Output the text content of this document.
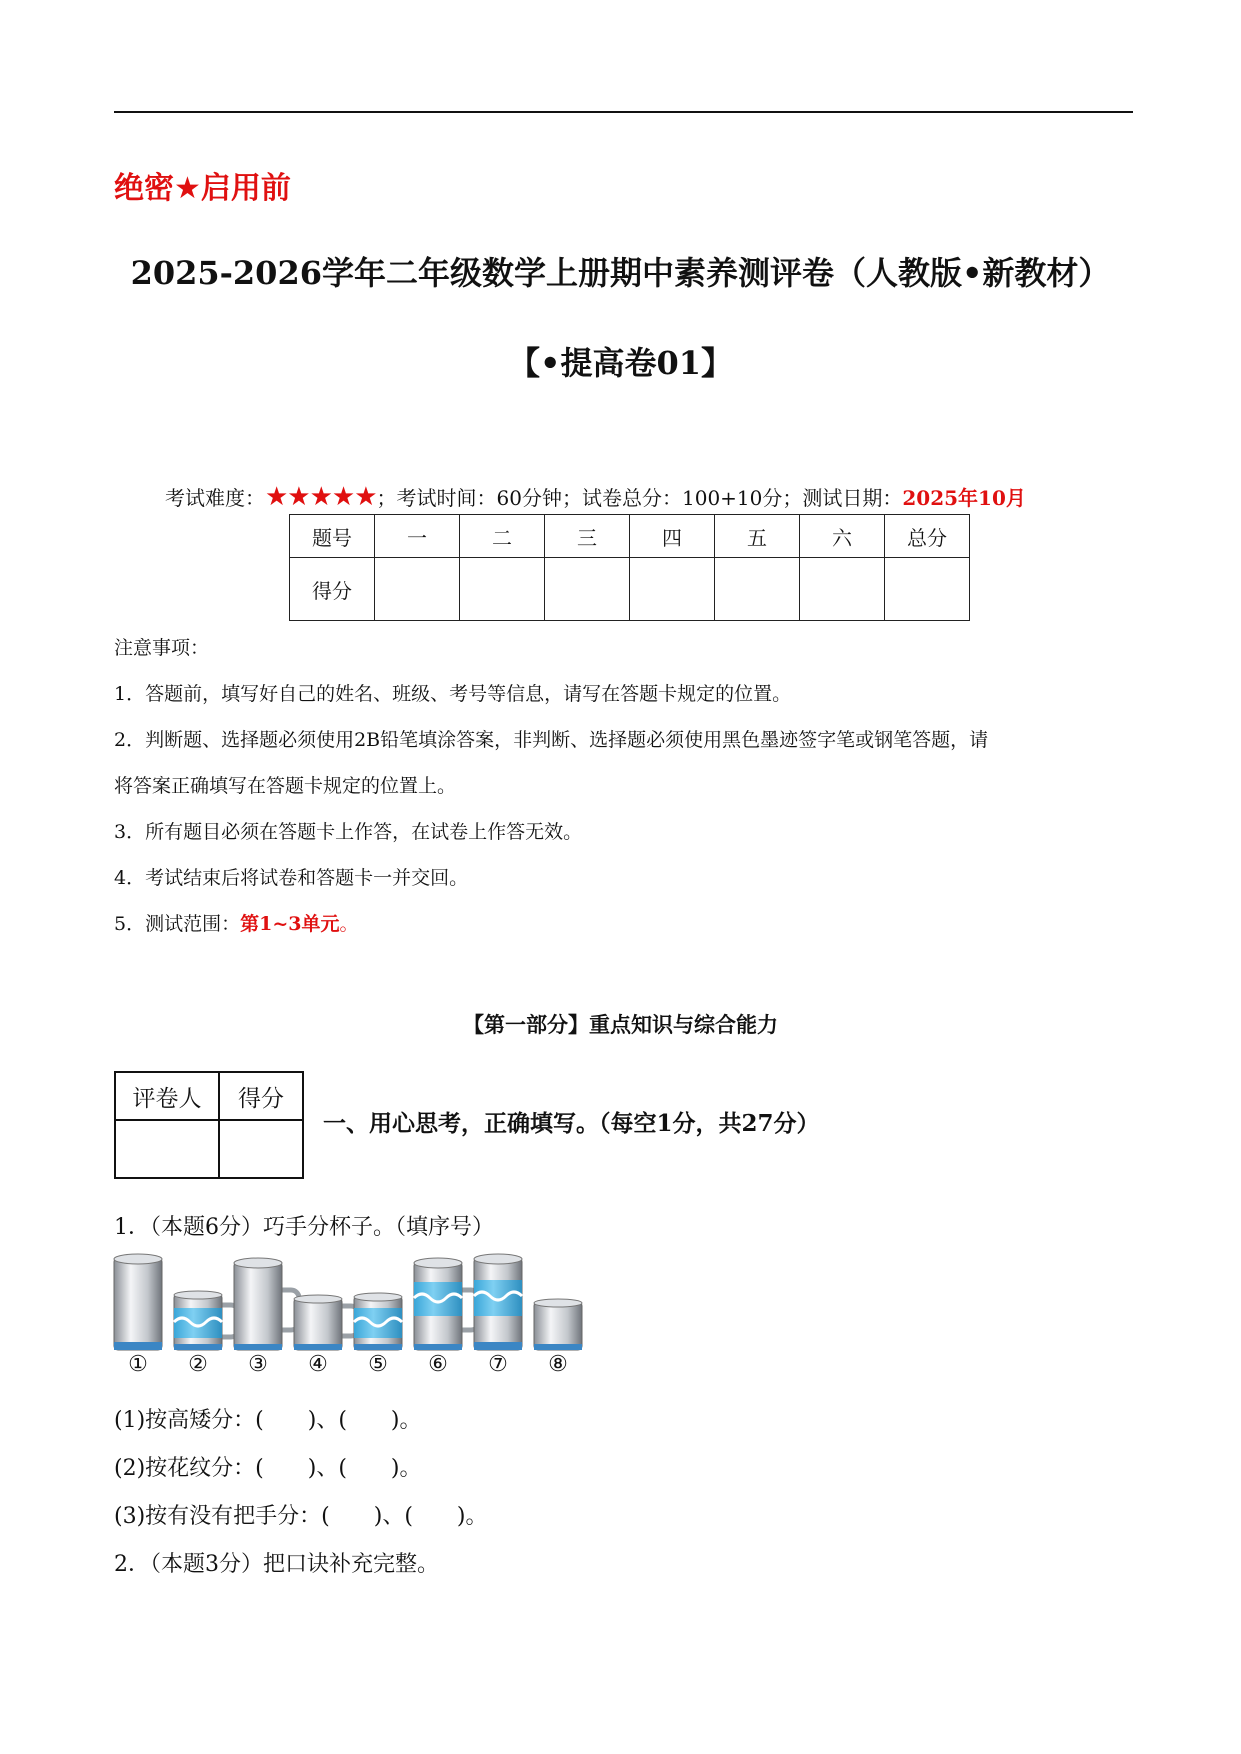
绝密★启用前
2025-2026学年二年级数学上册期中素养测评卷（人教版•新教材）
【•提高卷01】
考试难度：★★★★★；考试时间：60分钟；试卷总分：100+10分；测试日期：2025年10月
题号	一	二	三	四	五	六	总分
得分							
注意事项：
1．答题前，填写好自己的姓名、班级、考号等信息，请写在答题卡规定的位置。
2．判断题、选择题必须使用2B铅笔填涂答案，非判断、选择题必须使用黑色墨迹签字笔或钢笔答题，请
将答案正确填写在答题卡规定的位置上。
3．所有题目必须在答题卡上作答，在试卷上作答无效。
4．考试结束后将试卷和答题卡一并交回。
5．测试范围：第1~3单元。
【第一部分】重点知识与综合能力
评卷人	得分

一、用心思考，正确填写。（每空1分，共27分）
1．（本题6分）巧手分杯子。（填序号）
①	②	③	④	⑤	⑥	⑦	⑧
(1)按高矮分：(　　)、(　　)。
(2)按花纹分：(　　)、(　　)。
(3)按有没有把手分：(　　)、(　　)。
2．（本题3分）把口诀补充完整。
